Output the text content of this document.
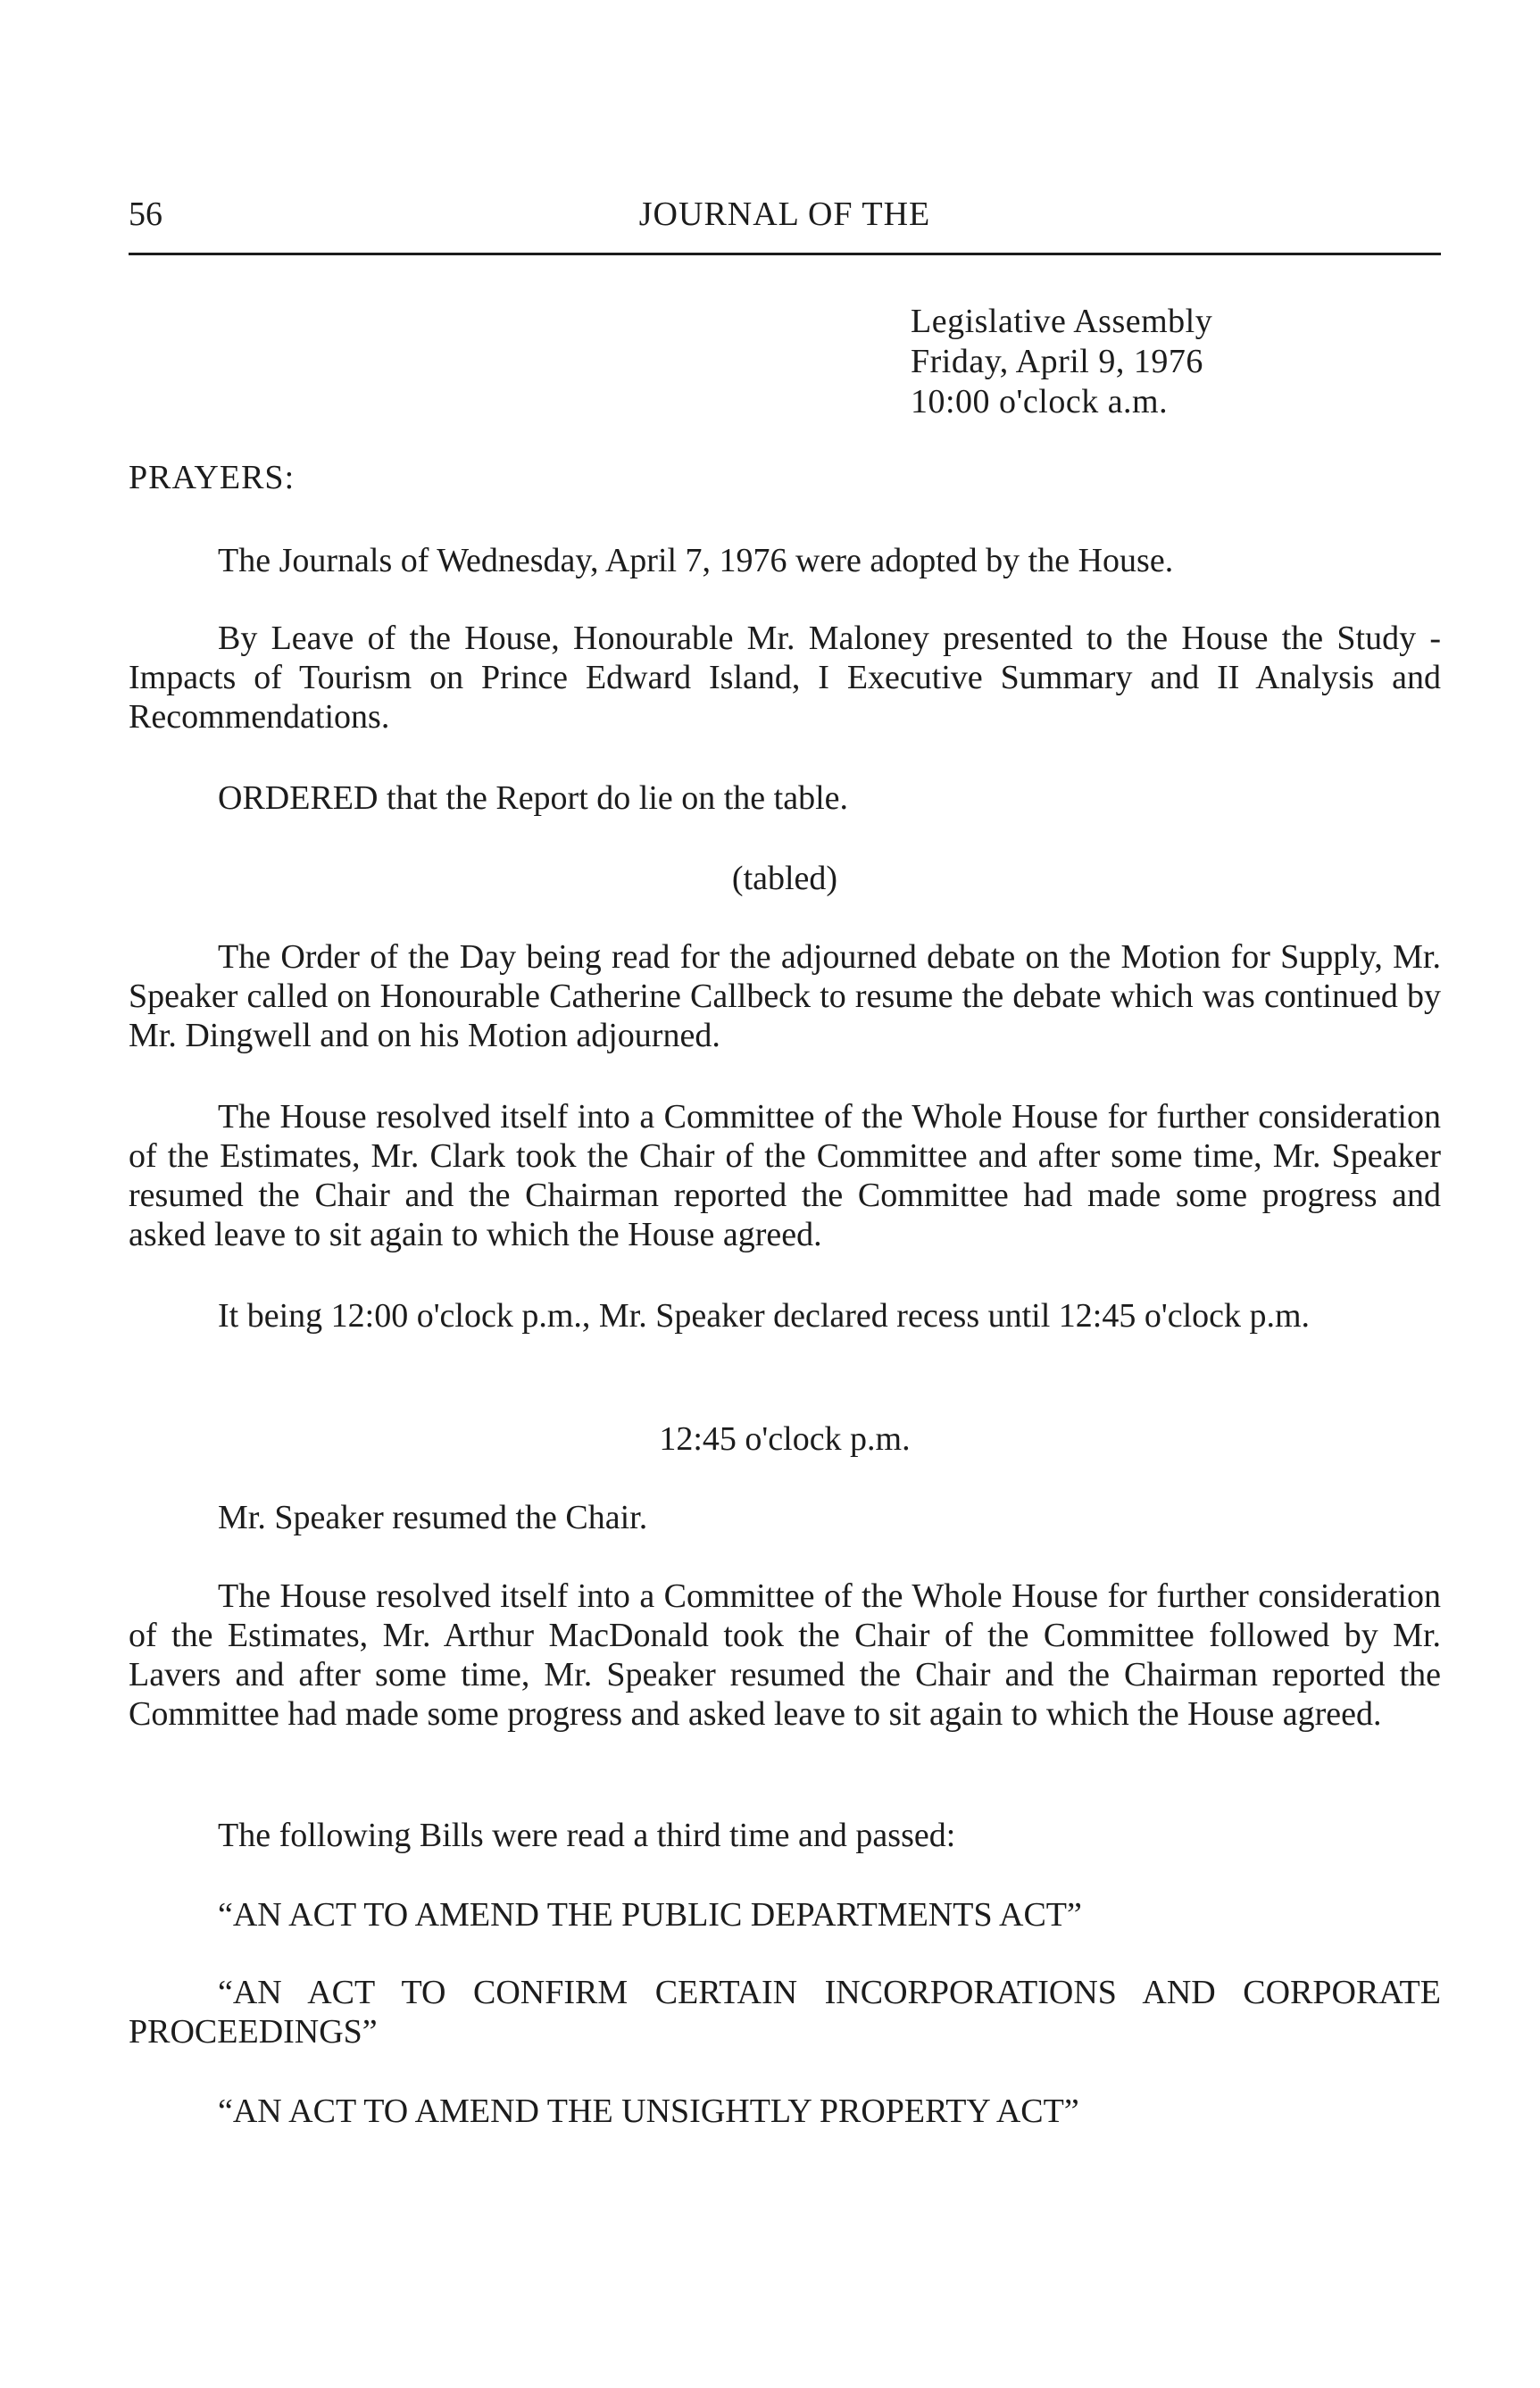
56	JOURNAL OF THE
Legislative Assembly
Friday, April 9, 1976
10:00 o'clock a.m.
PRAYERS:
The Journals of Wednesday, April 7, 1976 were adopted by the House.
By Leave of the House, Honourable Mr. Maloney presented to the House the Study - Impacts of Tourism on Prince Edward Island, I Executive Summary and II Analysis and Recommendations.
ORDERED that the Report do lie on the table.
(tabled)
The Order of the Day being read for the adjourned debate on the Motion for Supply, Mr. Speaker called on Honourable Catherine Callbeck to resume the debate which was continued by Mr. Dingwell and on his Motion adjourned.
The House resolved itself into a Committee of the Whole House for further consideration of the Estimates, Mr. Clark took the Chair of the Committee and after some time, Mr. Speaker resumed the Chair and the Chairman reported the Committee had made some progress and asked leave to sit again to which the House agreed.
It being 12:00 o'clock p.m., Mr. Speaker declared recess until 12:45 o'clock p.m.
12:45 o'clock p.m.
Mr. Speaker resumed the Chair.
The House resolved itself into a Committee of the Whole House for further consideration of the Estimates, Mr. Arthur MacDonald took the Chair of the Committee followed by Mr. Lavers and after some time, Mr. Speaker resumed the Chair and the Chairman reported the Committee had made some progress and asked leave to sit again to which the House agreed.
The following Bills were read a third time and passed:
“AN ACT TO AMEND THE PUBLIC DEPARTMENTS ACT”
“AN ACT TO CONFIRM CERTAIN INCORPORATIONS AND CORPORATE PROCEEDINGS”
“AN ACT TO AMEND THE UNSIGHTLY PROPERTY ACT”
